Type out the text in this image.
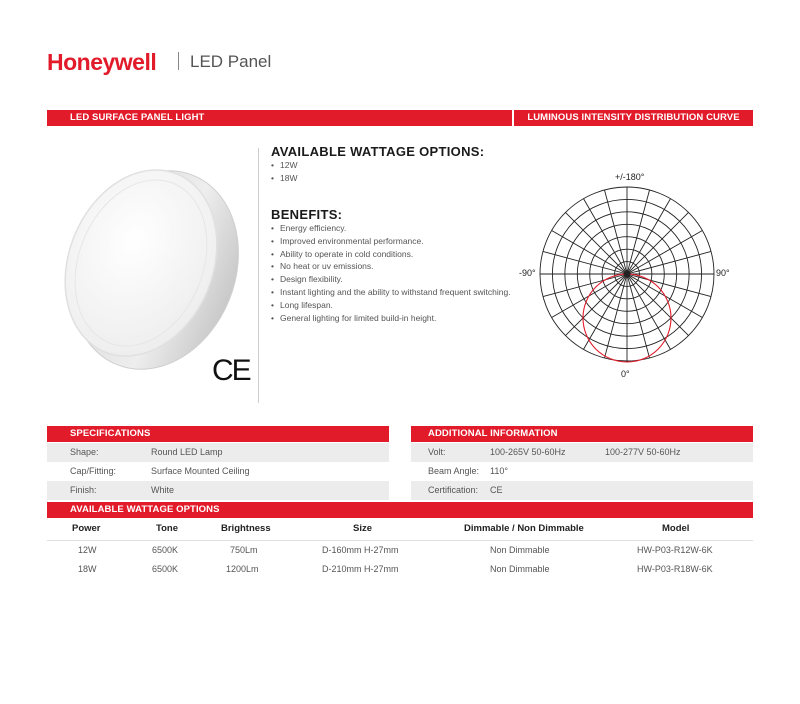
Honeywell LED Panel
LED SURFACE PANEL LIGHT	LUMINOUS INTENSITY DISTRIBUTION CURVE
CE
AVAILABLE WATTAGE OPTIONS:
• 12W
• 18W
BENEFITS:
• Energy efficiency.
• Improved environmental performance.
• Ability to operate in cold conditions.
• No heat or uv emissions.
• Design flexibility.
• Instant lighting and the ability to withstand frequent switching.
• Long lifespan.
• General lighting for limited build-in height.
+/-180°
-90°	90°
0°
SPECIFICATIONS
Shape:	Round LED Lamp
Cap/Fitting:	Surface Mounted Ceiling
Finish:	White
ADDITIONAL INFORMATION
Volt:	100-265V 50-60Hz	100-277V 50-60Hz
Beam Angle: 110°
Certification: CE
AVAILABLE WATTAGE OPTIONS
Power	Tone	Brightness	Size	Dimmable / Non Dimmable	Model
12W	6500K	750Lm	D-160mm H-27mm	Non Dimmable	HW-P03-R12W-6K
18W	6500K	1200Lm	D-210mm H-27mm	Non Dimmable	HW-P03-R18W-6K
